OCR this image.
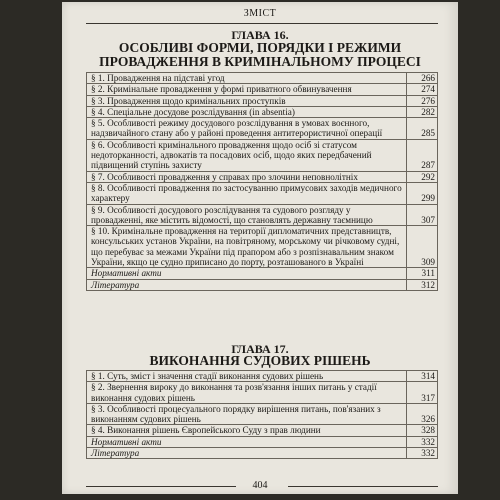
ЗМІСТ
ГЛАВА 16.
ОСОБЛИВІ ФОРМИ, ПОРЯДКИ І РЕЖИМИ ПРОВАДЖЕННЯ В КРИМІНАЛЬНОМУ ПРОЦЕСІ
§ 1. Провадження на підставі угод	266
§ 2. Кримінальне провадження у формі приватного обвинувачення	274
§ 3. Провадження щодо кримінальних проступків	276
§ 4. Спеціальне досудове розслідування (in absentia)	282
§ 5. Особливості режиму досудового розслідування в умовах воєнного, надзвичайного стану або у районі проведення антитерористичної операції	285
§ 6. Особливості кримінального провадження щодо осіб зі статусом недоторканності, адвокатів та посадових осіб, щодо яких передбачений підвищений ступінь захисту	287
§ 7. Особливості провадження у справах про злочини неповнолітніх	292
§ 8. Особливості провадження по застосуванню примусових заходів медичного характеру	299
§ 9. Особливості досудового розслідування та судового розгляду у провадженні, яке містить відомості, що становлять державну таємницю	307
§ 10. Кримінальне провадження на території дипломатичних представництв, консульських установ України, на повітряному, морському чи річковому судні, що перебуває за межами України під прапором або з розпізнавальним знаком України, якщо це судно приписано до порту, розташованого в Україні	309
Нормативні акти	311
Література	312
ГЛАВА 17.
ВИКОНАННЯ СУДОВИХ РІШЕНЬ
§ 1. Суть, зміст і значення стадії виконання судових рішень	314
§ 2. Звернення вироку до виконання та розв'язання інших питань у стадії виконання судових рішень	317
§ 3. Особливості процесуального порядку вирішення питань, пов'язаних з виконанням судових рішень	326
§ 4. Виконання рішень Європейського Суду з прав людини	328
Нормативні акти	332
Література	332
404
